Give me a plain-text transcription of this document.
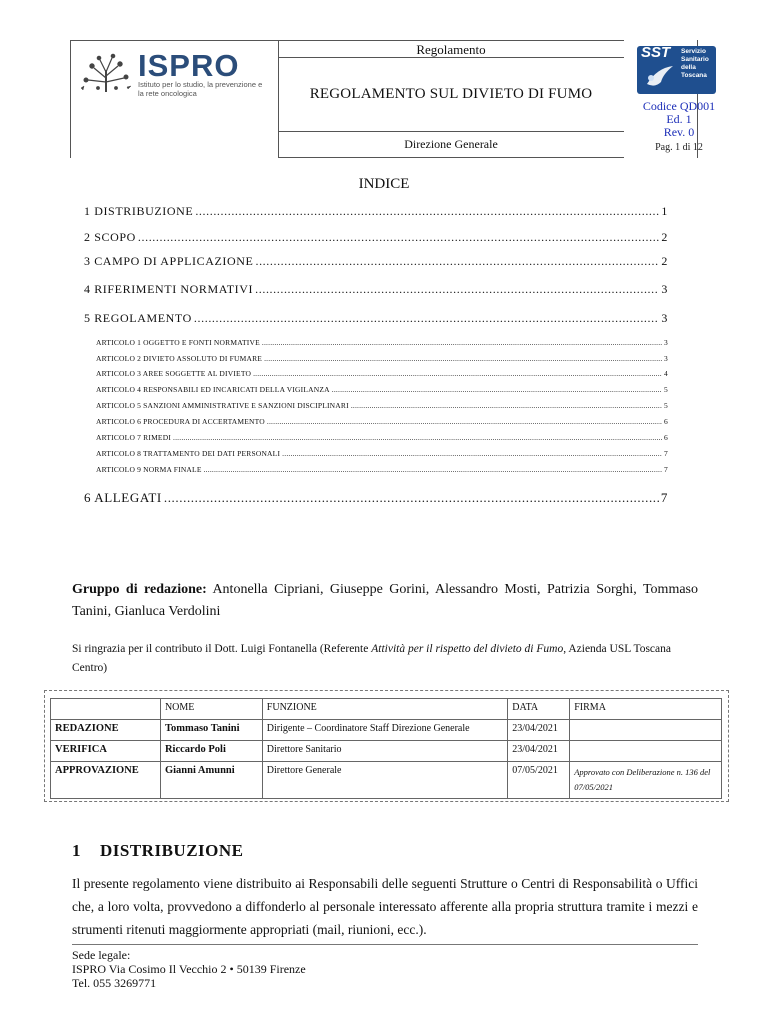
ISPRO
Istituto per lo studio, la prevenzione e la rete oncologica
Regolamento
REGOLAMENTO SUL DIVIETO DI FUMO
Direzione Generale
SST Servizio
Sanitario
della
Toscana
Codice QD001
Ed. 1
Rev. 0
Pag. 1 di 12
INDICE
1 DISTRIBUZIONE .....	1
2 SCOPO .....	2
3 CAMPO DI APPLICAZIONE .....	2
4 RIFERIMENTI NORMATIVI .....	3
5 REGOLAMENTO .....	3
ARTICOLO 1 OGGETTO E FONTI NORMATIVE .....	3
ARTICOLO 2 DIVIETO ASSOLUTO DI FUMARE .....	3
ARTICOLO 3 AREE SOGGETTE AL DIVIETO .....	4
ARTICOLO 4 RESPONSABILI ED INCARICATI DELLA VIGILANZA .....	5
ARTICOLO 5 SANZIONI AMMINISTRATIVE E SANZIONI DISCIPLINARI .....	5
ARTICOLO 6 PROCEDURA DI ACCERTAMENTO .....	6
ARTICOLO 7 RIMEDI .....	6
ARTICOLO 8 TRATTAMENTO DEI DATI PERSONALI .....	7
ARTICOLO 9 NORMA FINALE .....	7
6 ALLEGATI .....	7
Gruppo di redazione: Antonella Cipriani, Giuseppe Gorini, Alessandro Mosti, Patrizia Sorghi, Tommaso Tanini, Gianluca Verdolini
Si ringrazia per il contributo il Dott. Luigi Fontanella (Referente Attività per il rispetto del divieto di Fumo, Azienda USL Toscana Centro)
	NOME	FUNZIONE	DATA	FIRMA
REDAZIONE	Tommaso Tanini	Dirigente – Coordinatore Staff Direzione Generale	23/04/2021	
VERIFICA	Riccardo Poli	Direttore Sanitario	23/04/2021	
APPROVAZIONE	Gianni Amunni	Direttore Generale	07/05/2021	Approvato con Deliberazione n. 136 del 07/05/2021
1 DISTRIBUZIONE
Il presente regolamento viene distribuito ai Responsabili delle seguenti Strutture o Centri di Responsabilità o Uffici che, a loro volta, provvedono a diffonderlo al personale interessato afferente alla propria struttura tramite i mezzi e strumenti ritenuti maggiormente appropriati (mail, riunioni, ecc.).
Sede legale:
ISPRO Via Cosimo Il Vecchio 2 • 50139 Firenze
Tel. 055 3269771
